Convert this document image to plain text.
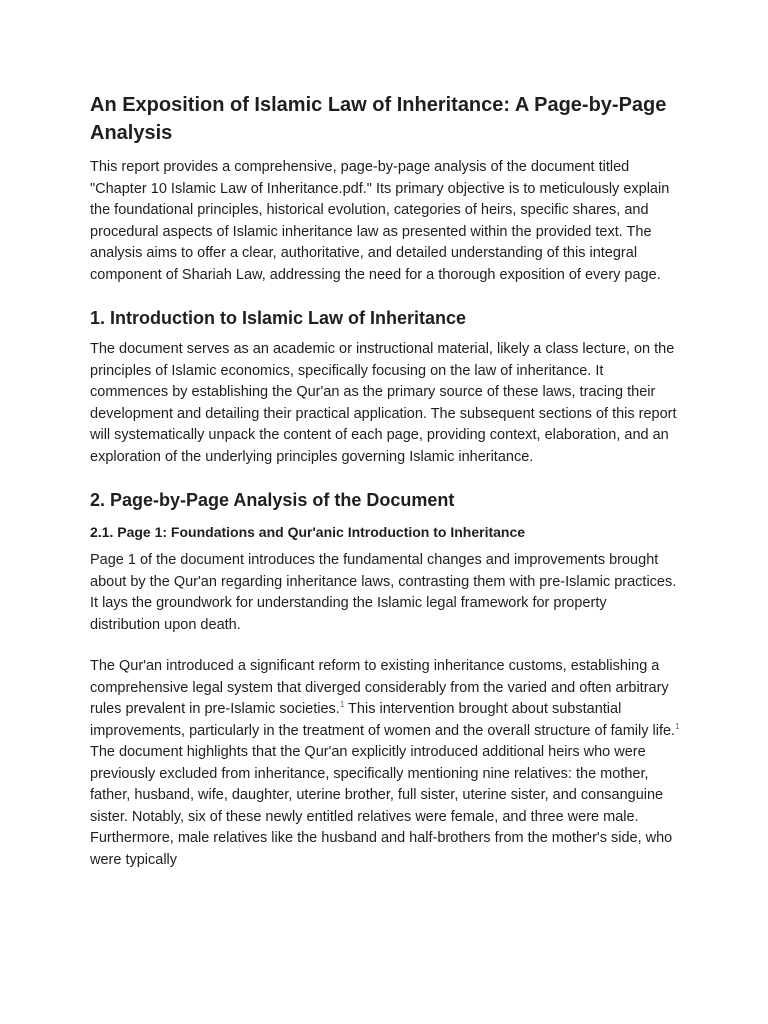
An Exposition of Islamic Law of Inheritance: A Page-by-Page Analysis

This report provides a comprehensive, page-by-page analysis of the document titled "Chapter 10 Islamic Law of Inheritance.pdf." Its primary objective is to meticulously explain the foundational principles, historical evolution, categories of heirs, specific shares, and procedural aspects of Islamic inheritance law as presented within the provided text. The analysis aims to offer a clear, authoritative, and detailed understanding of this integral component of Shariah Law, addressing the need for a thorough exposition of every page.

1. Introduction to Islamic Law of Inheritance

The document serves as an academic or instructional material, likely a class lecture, on the principles of Islamic economics, specifically focusing on the law of inheritance. It commences by establishing the Qur'an as the primary source of these laws, tracing their development and detailing their practical application. The subsequent sections of this report will systematically unpack the content of each page, providing context, elaboration, and an exploration of the underlying principles governing Islamic inheritance.

2. Page-by-Page Analysis of the Document
2.1. Page 1: Foundations and Qur'anic Introduction to Inheritance

Page 1 of the document introduces the fundamental changes and improvements brought about by the Qur'an regarding inheritance laws, contrasting them with pre-Islamic practices. It lays the groundwork for understanding the Islamic legal framework for property distribution upon death.

The Qur'an introduced a significant reform to existing inheritance customs, establishing a comprehensive legal system that diverged considerably from the varied and often arbitrary rules prevalent in pre-Islamic societies.$^1$ This intervention brought about substantial improvements, particularly in the treatment of women and the overall structure of family life.$^1$ The document highlights that the Qur'an explicitly introduced additional heirs who were previously excluded from inheritance, specifically mentioning nine relatives: the mother, father, husband, wife, daughter, uterine brother, full sister, uterine sister, and consanguine sister. Notably, six of these newly entitled relatives were female, and three were male. Furthermore, male relatives like the husband and half-brothers from the mother's side, who were typically
